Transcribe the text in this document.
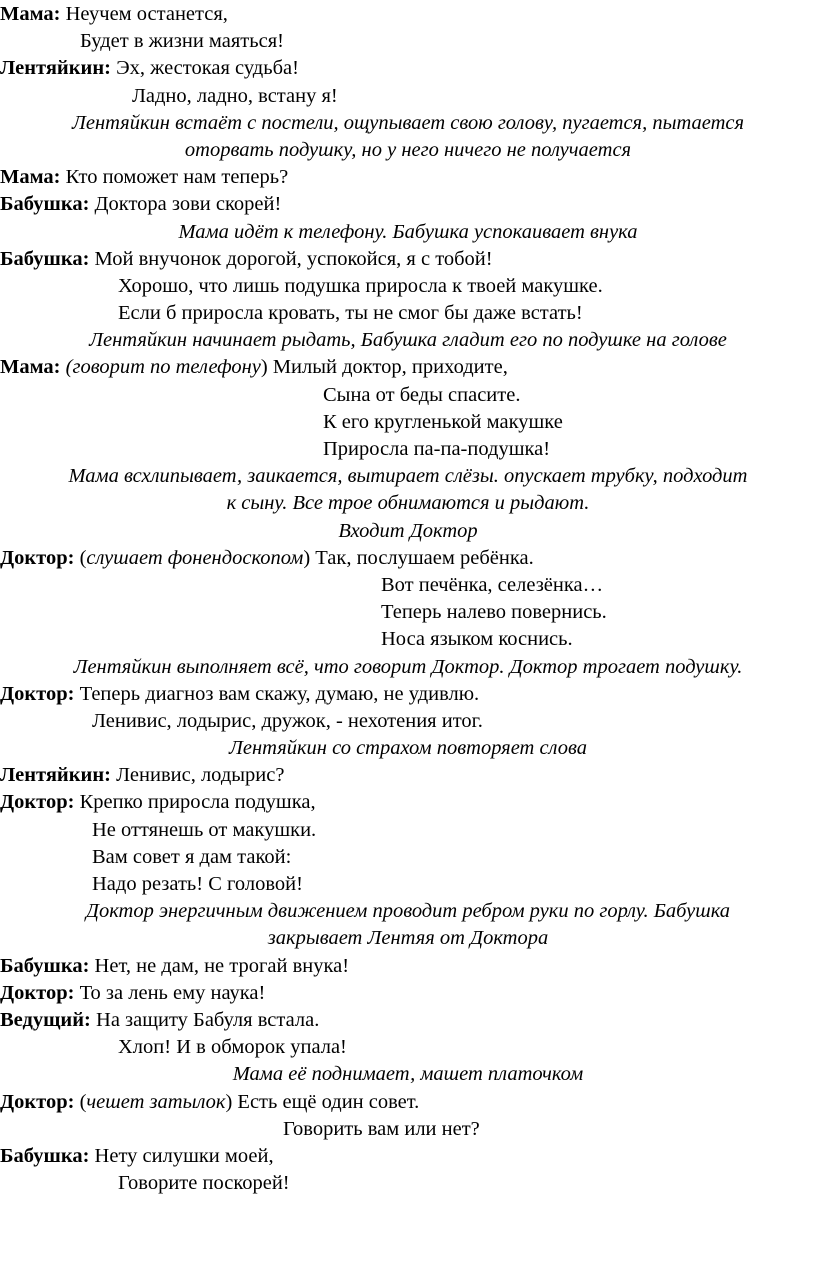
Мама: Неучем останется,
Будет в жизни маяться!
Лентяйкин: Эх, жестокая судьба!
Ладно, ладно, встану я!
Лентяйкин встаёт с постели, ощупывает свою голову, пугается, пытается
оторвать подушку, но у него ничего не получается
Мама: Кто поможет нам теперь?
Бабушка: Доктора зови скорей!
Мама идёт к телефону. Бабушка успокаивает внука
Бабушка: Мой внучонок дорогой, успокойся, я с тобой!
Хорошо, что лишь подушка приросла к твоей макушке.
Если б приросла кровать, ты не смог бы даже встать!
Лентяйкин начинает рыдать, Бабушка гладит его по подушке на голове
Мама: (говорит по телефону) Милый доктор, приходите,
Сына от беды спасите.
К его кругленькой макушке
Приросла па-па-подушка!
Мама всхлипывает, заикается, вытирает слёзы. опускает трубку, подходит
к сыну. Все трое обнимаются и рыдают.
Входит Доктор
Доктор: (слушает фонендоскопом) Так, послушаем ребёнка.
Вот печёнка, селезёнка…
Теперь налево повернись.
Носа языком коснись.
Лентяйкин выполняет всё, что говорит Доктор. Доктор трогает подушку.
Доктор: Теперь диагноз вам скажу, думаю, не удивлю.
Ленивис, лодырис, дружок, - нехотения итог.
Лентяйкин со страхом повторяет слова
Лентяйкин: Ленивис, лодырис?
Доктор: Крепко приросла подушка,
Не оттянешь от макушки.
Вам совет я дам такой:
Надо резать! С головой!
Доктор энергичным движением проводит ребром руки по горлу. Бабушка
закрывает Лентяя от Доктора
Бабушка: Нет, не дам, не трогай внука!
Доктор: То за лень ему наука!
Ведущий: На защиту Бабуля встала.
Хлоп! И в обморок упала!
Мама её поднимает, машет платочком
Доктор: (чешет затылок) Есть ещё один совет.
Говорить вам или нет?
Бабушка: Нету силушки моей,
Говорите поскорей!
